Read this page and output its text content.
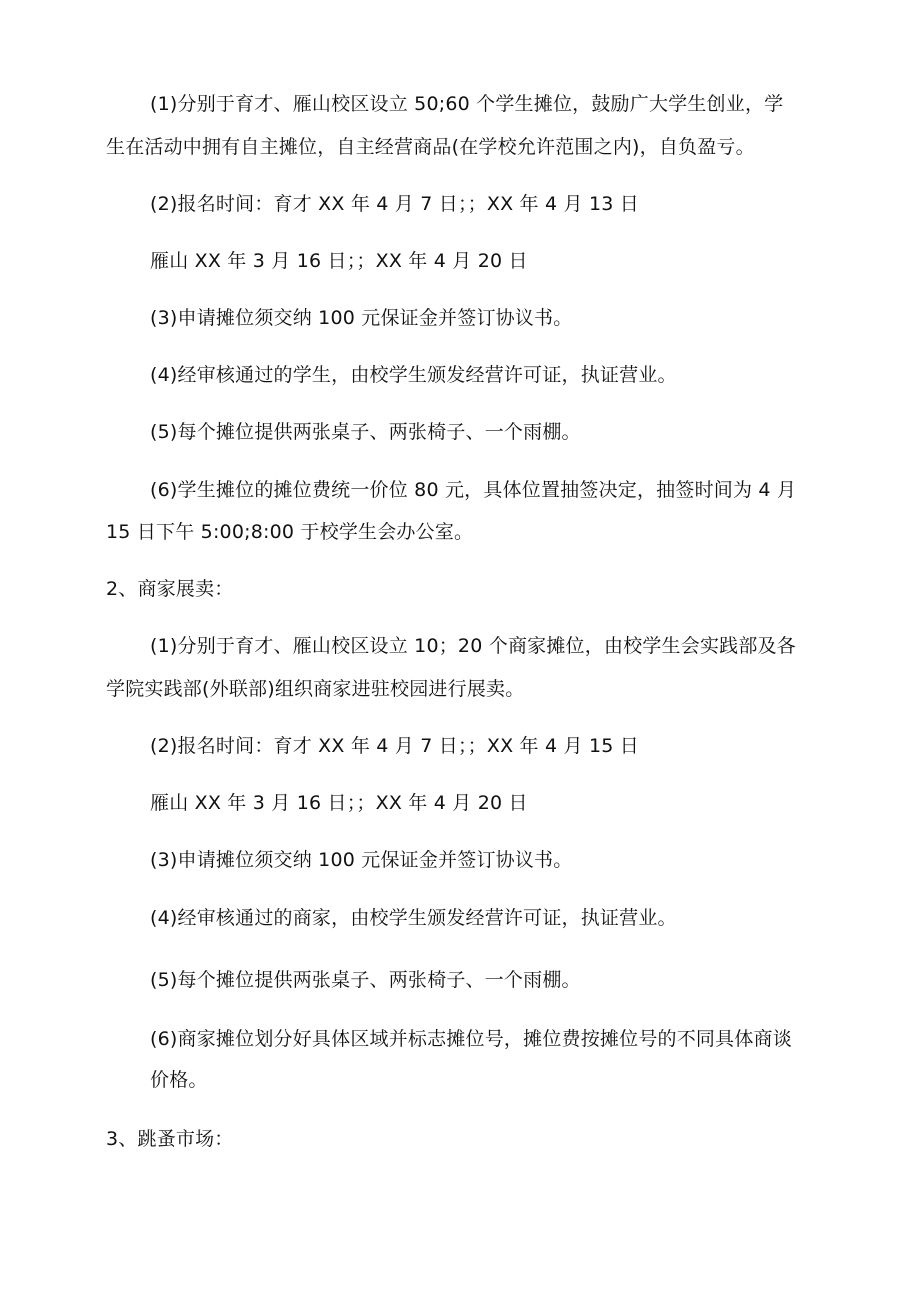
(1)分别于育才、雁山校区设立 50;60 个学生摊位，鼓励广大学生创业，学
生在活动中拥有自主摊位，自主经营商品(在学校允许范围之内)，自负盈亏。
(2)报名时间：育才 XX 年 4 月 7 日；；XX 年 4 月 13 日
雁山 XX 年 3 月 16 日；；XX 年 4 月 20 日
(3)申请摊位须交纳 100 元保证金并签订协议书。
(4)经审核通过的学生，由校学生颁发经营许可证，执证营业。
(5)每个摊位提供两张桌子、两张椅子、一个雨棚。
(6)学生摊位的摊位费统一价位 80 元，具体位置抽签决定，抽签时间为 4 月
15 日下午 5:00;8:00 于校学生会办公室。
2、商家展卖：
(1)分别于育才、雁山校区设立 10；20 个商家摊位，由校学生会实践部及各
学院实践部(外联部)组织商家进驻校园进行展卖。
(2)报名时间：育才 XX 年 4 月 7 日；；XX 年 4 月 15 日
雁山 XX 年 3 月 16 日；；XX 年 4 月 20 日
(3)申请摊位须交纳 100 元保证金并签订协议书。
(4)经审核通过的商家，由校学生颁发经营许可证，执证营业。
(5)每个摊位提供两张桌子、两张椅子、一个雨棚。
(6)商家摊位划分好具体区域并标志摊位号，摊位费按摊位号的不同具体商谈
价格。
3、跳蚤市场：
